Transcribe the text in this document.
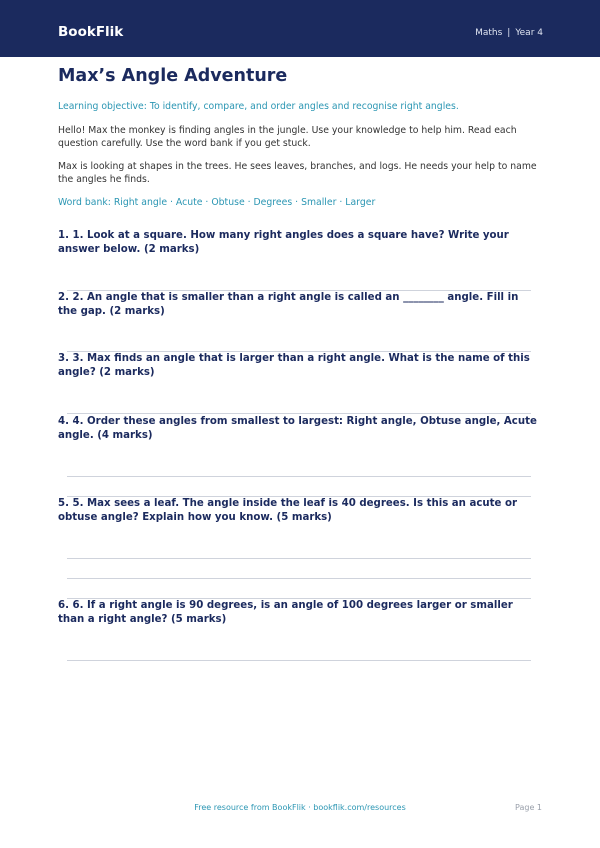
BookFlik	Maths | Year 4
Max’s Angle Adventure

Learning objective: To identify, compare, and order angles and recognise right angles.

Hello! Max the monkey is finding angles in the jungle. Use your knowledge to help him. Read each question carefully. Use the word bank if you get stuck.

Max is looking at shapes in the trees. He sees leaves, branches, and logs. He needs your help to name the angles he finds.

Word bank: Right angle · Acute · Obtuse · Degrees · Smaller · Larger

1. 1. Look at a square. How many right angles does a square have? Write your answer below. (2 marks)
2. 2. An angle that is smaller than a right angle is called an ________ angle. Fill in the gap. (2 marks)
3. 3. Max finds an angle that is larger than a right angle. What is the name of this angle? (2 marks)
4. 4. Order these angles from smallest to largest: Right angle, Obtuse angle, Acute angle. (4 marks)
5. 5. Max sees a leaf. The angle inside the leaf is 40 degrees. Is this an acute or obtuse angle? Explain how you know. (5 marks)
6. 6. If a right angle is 90 degrees, is an angle of 100 degrees larger or smaller than a right angle? (5 marks)
Free resource from BookFlik · bookflik.com/resources	Page 1
